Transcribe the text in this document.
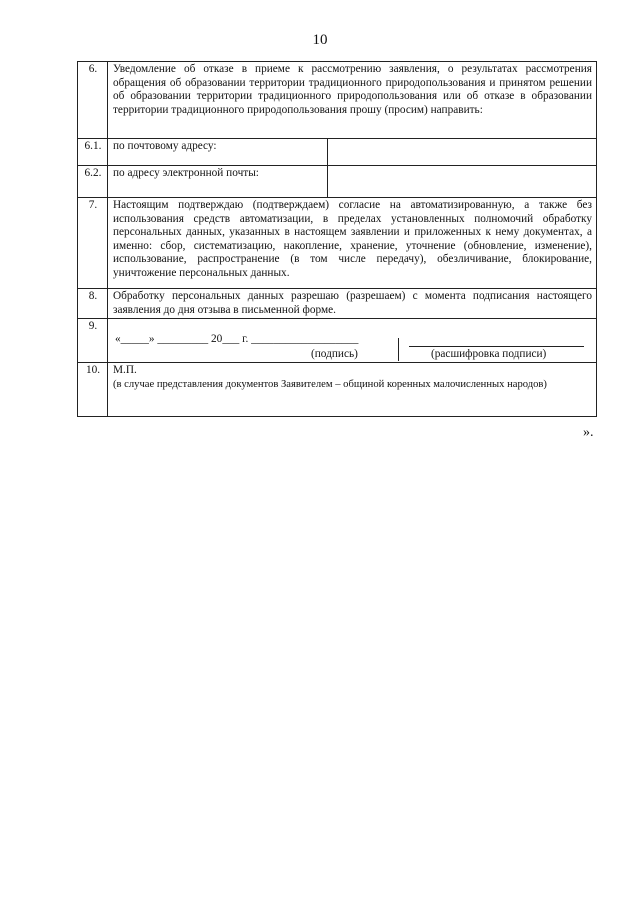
10
6.	Уведомление об отказе в приеме к рассмотрению заявления, о результатах рассмотрения обращения об образовании территории традиционного природопользования и принятом решении об образовании территории традиционного природопользования или об отказе в образовании территории традиционного природопользования прошу (просим) направить:	
6.1.	по почтовому адресу:	
6.2.	по адресу электронной почты:	
7.	Настоящим подтверждаю (подтверждаем) согласие на автоматизированную, а также без использования средств автоматизации, в пределах установленных полномочий обработку персональных данных, указанных в настоящем заявлении и приложенных к нему документах, а именно: сбор, систематизацию, накопление, хранение, уточнение (обновление, изменение), использование, распространение (в том числе передачу), обезличивание, блокирование, уничтожение персональных данных.	
8.	Обработку персональных данных разрешаю (разрешаем) с момента подписания настоящего заявления до дня отзыва в письменной форме.	
9.	«_____» _________ 20___ г. ___________________
(подпись) (расшифровка подписи)	

10.	М.П.
(в случае представления документов Заявителем – общиной коренных малочисленных народов)	
».
